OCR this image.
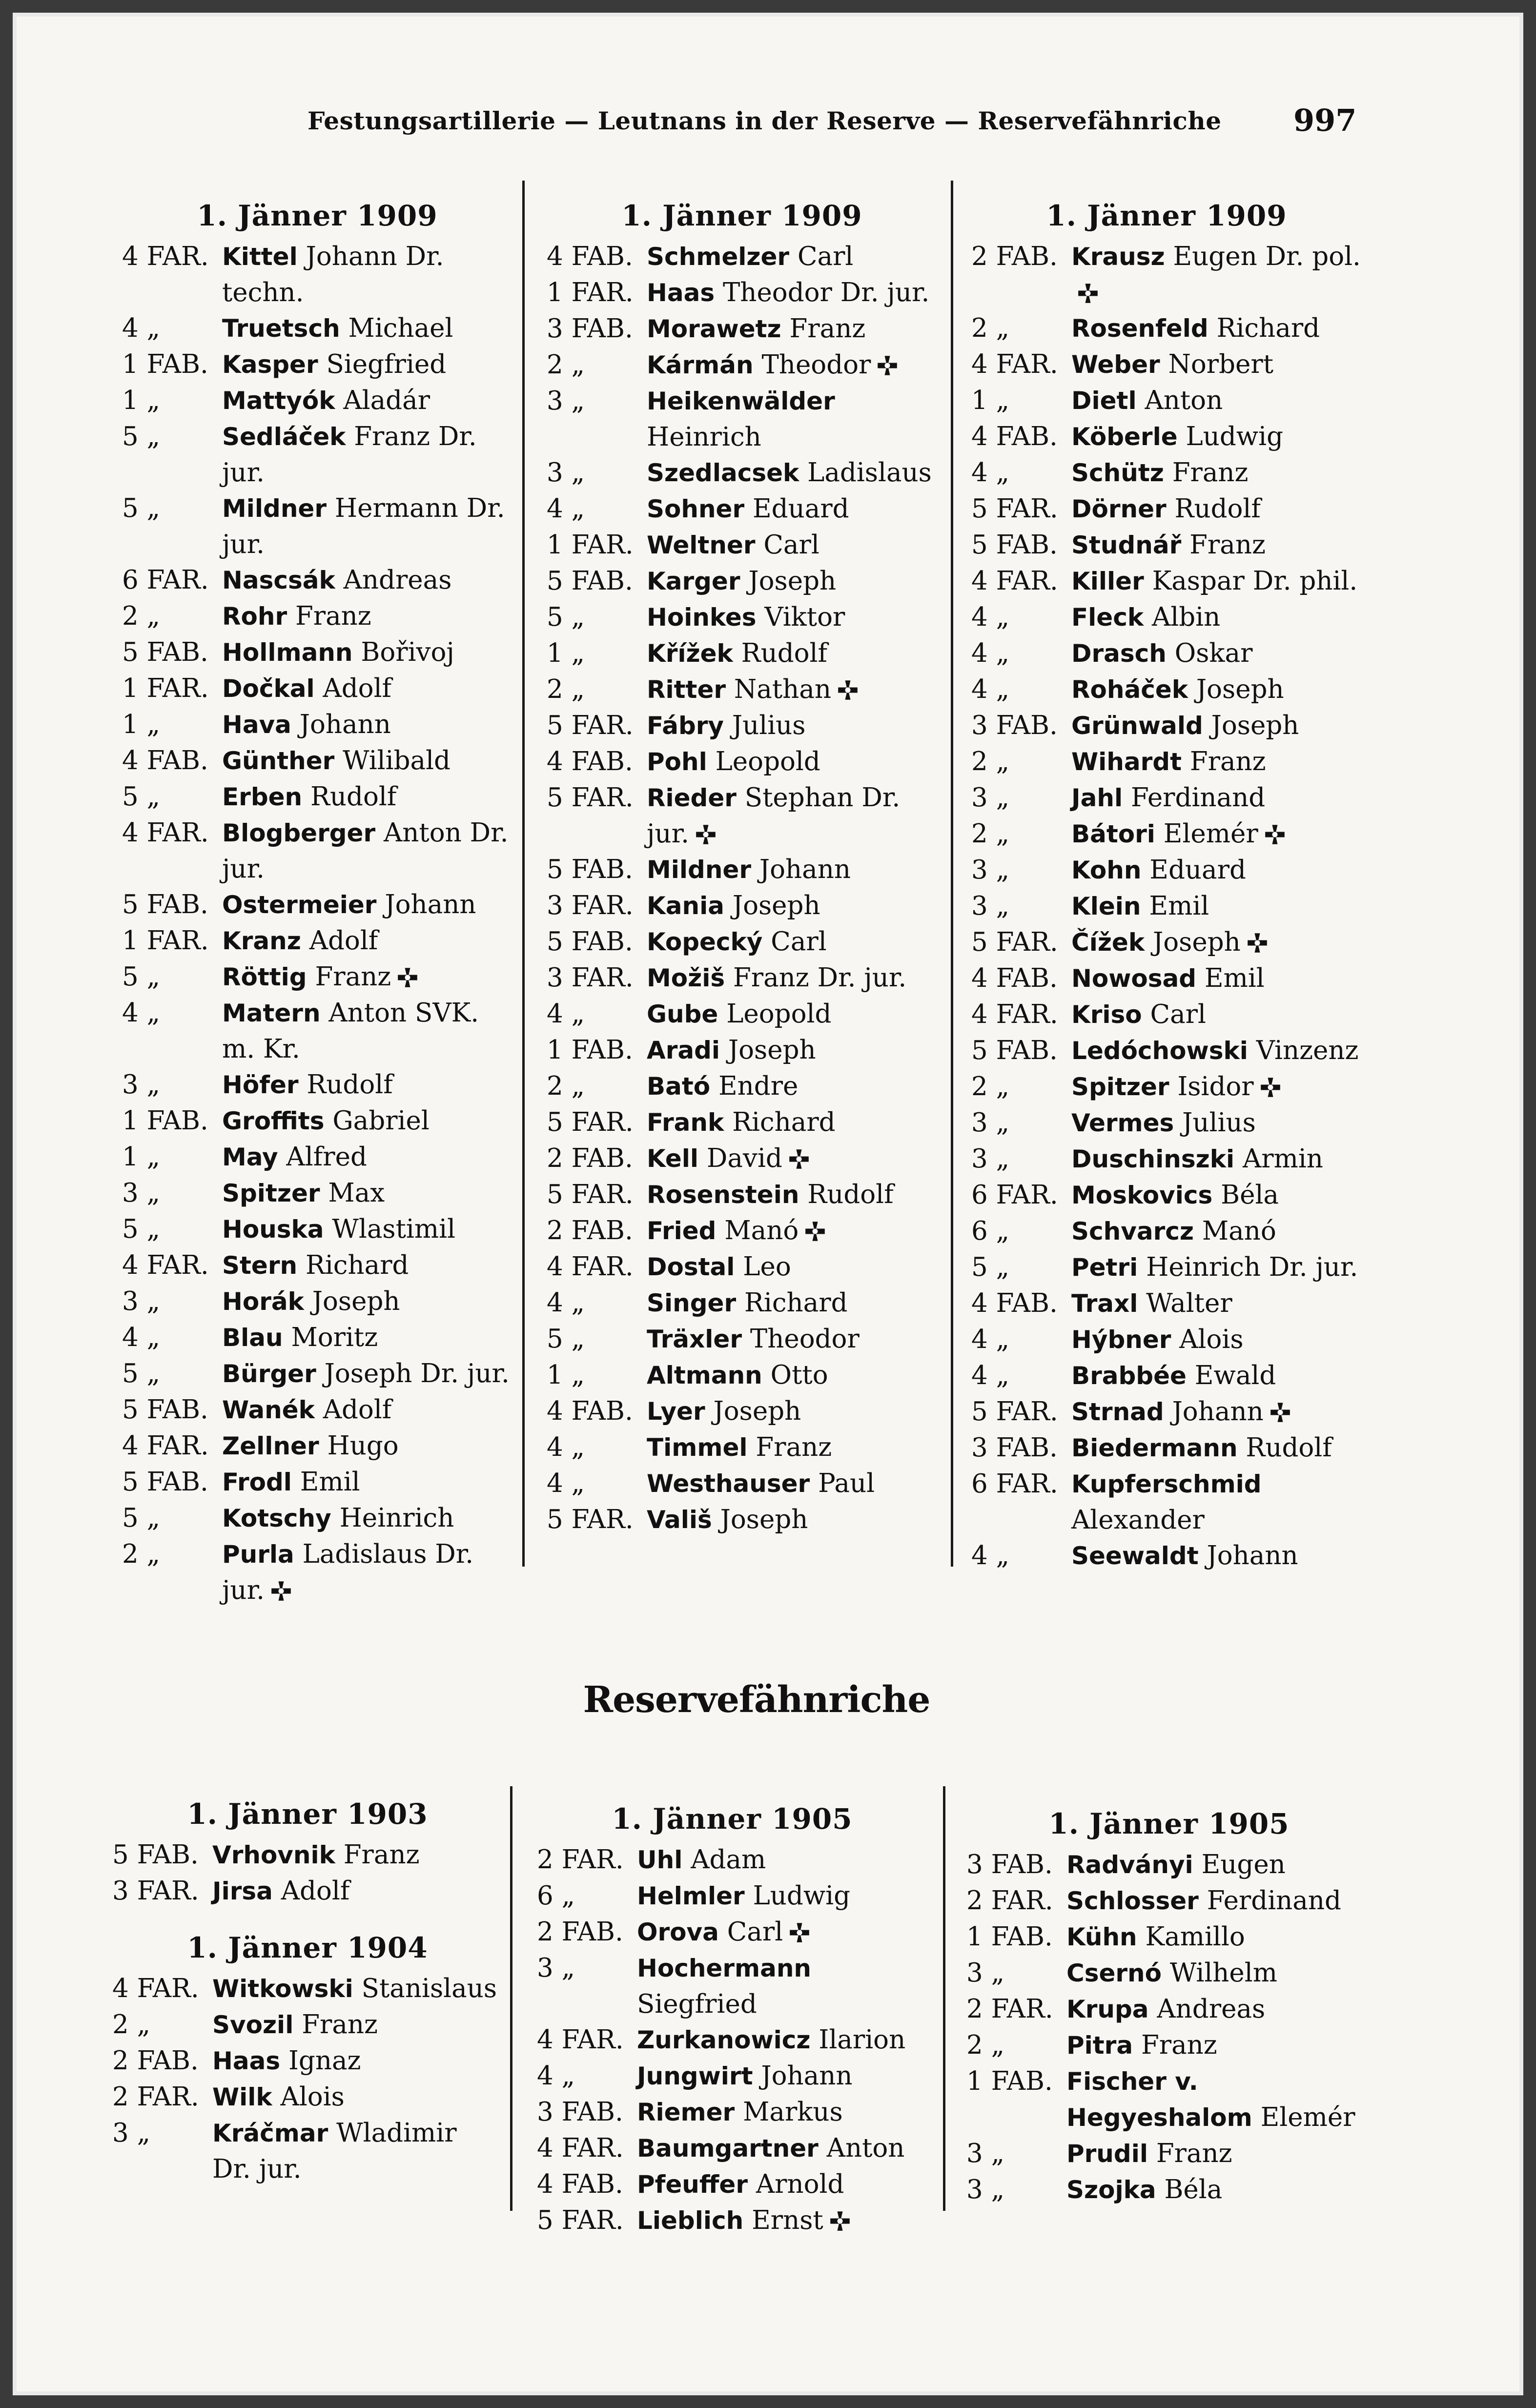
Festungsartillerie — Leutnans in der Reserve — Reservefähnriche	997
1. Jänner 1909
4 FAR. Kittel Johann Dr. techn.
4 „	Truetsch Michael
1 FAB. Kasper Siegfried
1 „	Mattyók Aladár
5 „	Sedláček Franz Dr. jur.
5 „	Mildner Hermann Dr. jur.
6 FAR. Nascsák Andreas
2 „	Rohr Franz
5 FAB. Hollmann Bořivoj
1 FAR. Dočkal Adolf
1 „	Hava Johann
4 FAB. Günther Wilibald
5 „	Erben Rudolf
4 FAR. Blogberger Anton Dr. jur.
5 FAB. Ostermeier Johann
1 FAR. Kranz Adolf
5 „	Röttig Franz
4 „	Matern Anton SVK. m. Kr.
3 „	Höfer Rudolf
1 FAB. Groffits Gabriel
1 „	May Alfred
3 „	Spitzer Max
5 „	Houska Wlastimil
4 FAR. Stern Richard
3 „	Horák Joseph
4 „	Blau Moritz
5 „	Bürger Joseph Dr. jur.
5 FAB. Wanék Adolf
4 FAR. Zellner Hugo
5 FAB. Frodl Emil
5 „	Kotschy Heinrich
2 „	Purla Ladislaus Dr. jur.
1. Jänner 1909
4 FAB. Schmelzer Carl
1 FAR. Haas Theodor Dr. jur.
3 FAB. Morawetz Franz
2 „	Kármán Theodor
3 „	Heikenwälder Heinrich
3 „	Szedlacsek Ladislaus
4 „	Sohner Eduard
1 FAR. Weltner Carl
5 FAB. Karger Joseph
5 „	Hoinkes Viktor
1 „	Křížek Rudolf
2 „	Ritter Nathan
5 FAR. Fábry Julius
4 FAB. Pohl Leopold
5 FAR. Rieder Stephan Dr. jur.
5 FAB. Mildner Johann
3 FAR. Kania Joseph
5 FAB. Kopecký Carl
3 FAR. Možiš Franz Dr. jur.
4 „	Gube Leopold
1 FAB. Aradi Joseph
2 „	Bató Endre
5 FAR. Frank Richard
2 FAB. Kell David
5 FAR. Rosenstein Rudolf
2 FAB. Fried Manó
4 FAR. Dostal Leo
4 „	Singer Richard
5 „	Träxler Theodor
1 „	Altmann Otto
4 FAB. Lyer Joseph
4 „	Timmel Franz
4 „	Westhauser Paul
5 FAR. Vališ Joseph
1. Jänner 1909
2 FAB. Krausz Eugen Dr. pol.
2 „	Rosenfeld Richard
4 FAR. Weber Norbert
1 „	Dietl Anton
4 FAB. Köberle Ludwig
4 „	Schütz Franz
5 FAR. Dörner Rudolf
5 FAB. Studnář Franz
4 FAR. Killer Kaspar Dr. phil.
4 „	Fleck Albin
4 „	Drasch Oskar
4 „	Roháček Joseph
3 FAB. Grünwald Joseph
2 „	Wihardt Franz
3 „	Jahl Ferdinand
2 „	Bátori Elemér
3 „	Kohn Eduard
3 „	Klein Emil
5 FAR. Čížek Joseph
4 FAB. Nowosad Emil
4 FAR. Kriso Carl
5 FAB. Ledóchowski Vinzenz
2 „	Spitzer Isidor
3 „	Vermes Julius
3 „	Duschinszki Armin
6 FAR. Moskovics Béla
6 „	Schvarcz Manó
5 „	Petri Heinrich Dr. jur.
4 FAB. Traxl Walter
4 „	Hýbner Alois
4 „	Brabbée Ewald
5 FAR. Strnad Johann
3 FAB. Biedermann Rudolf
6 FAR. Kupferschmid Alexander
4 „	Seewaldt Johann
Reservefähnriche
1. Jänner 1903
5 FAB. Vrhovnik Franz
3 FAR. Jirsa Adolf
1. Jänner 1904
4 FAR. Witkowski Stanislaus
2 „	Svozil Franz
2 FAB. Haas Ignaz
2 FAR. Wilk Alois
3 „	Kráčmar Wladimir Dr. jur.
1. Jänner 1905
2 FAR. Uhl Adam
6 „	Helmler Ludwig
2 FAB. Orova Carl
3 „	Hochermann Siegfried
4 FAR. Zurkanowicz Ilarion
4 „	Jungwirt Johann
3 FAB. Riemer Markus
4 FAR. Baumgartner Anton
4 FAB. Pfeuffer Arnold
5 FAR. Lieblich Ernst
1. Jänner 1905
3 FAB. Radványi Eugen
2 FAR. Schlosser Ferdinand
1 FAB. Kühn Kamillo
3 „	Csernó Wilhelm
2 FAR. Krupa Andreas
2 „	Pitra Franz
1 FAB. Fischer v. Hegyeshalom Elemér
3 „	Prudil Franz
3 „	Szojka Béla
